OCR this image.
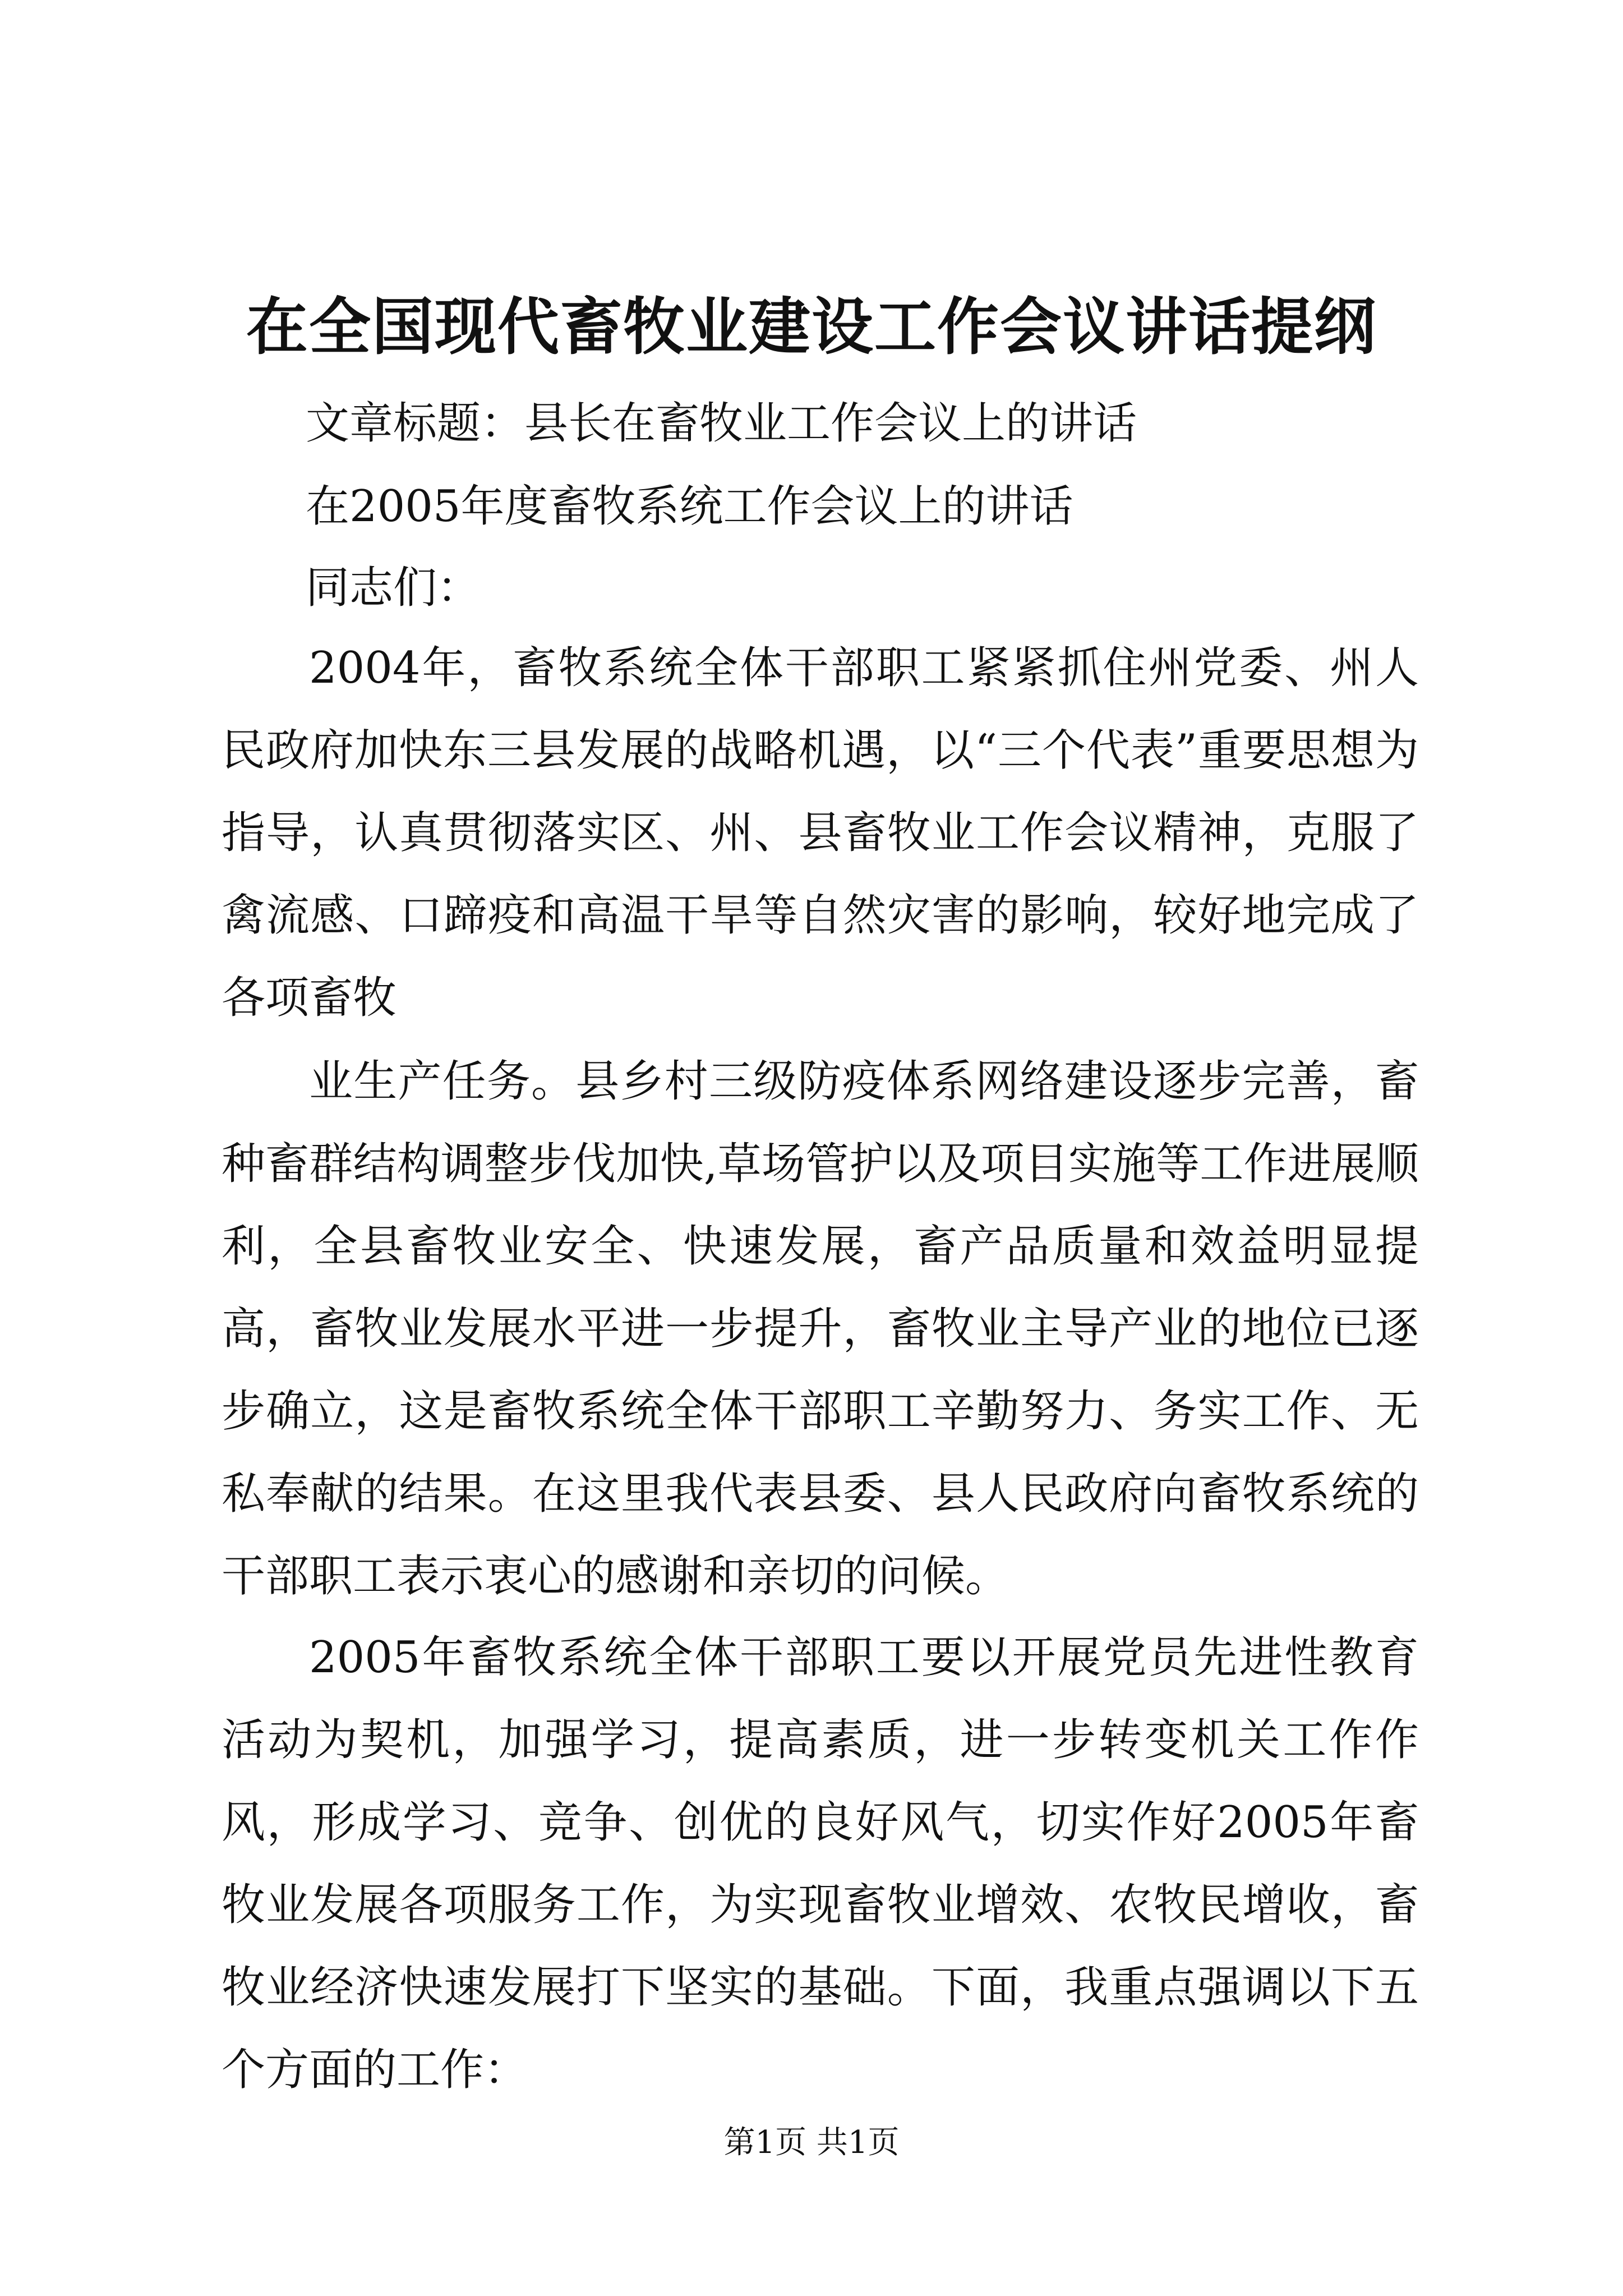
在全国现代畜牧业建设工作会议讲话提纲
文章标题：县长在畜牧业工作会议上的讲话
在2005年度畜牧系统工作会议上的讲话
同志们：

2004年，畜牧系统全体干部职工紧紧抓住州党委、州人民政府加快东三县发展的战略机遇，以“三个代表”重要思想为指导，认真贯彻落实区、州、县畜牧业工作会议精神，克服了禽流感、口蹄疫和高温干旱等自然灾害的影响，较好地完成了各项畜牧

业生产任务。县乡村三级防疫体系网络建设逐步完善，畜种畜群结构调整步伐加快,草场管护以及项目实施等工作进展顺利，全县畜牧业安全、快速发展，畜产品质量和效益明显提高，畜牧业发展水平进一步提升，畜牧业主导产业的地位已逐步确立，这是畜牧系统全体干部职工辛勤努力、务实工作、无私奉献的结果。在这里我代表县委、县人民政府向畜牧系统的干部职工表示衷心的感谢和亲切的问候。

2005年畜牧系统全体干部职工要以开展党员先进性教育活动为契机，加强学习，提高素质，进一步转变机关工作作风，形成学习、竞争、创优的良好风气，切实作好2005年畜牧业发展各项服务工作，为实现畜牧业增效、农牧民增收，畜牧业经济快速发展打下坚实的基础。下面，我重点强调以下五个方面的工作：

第1页 共1页
